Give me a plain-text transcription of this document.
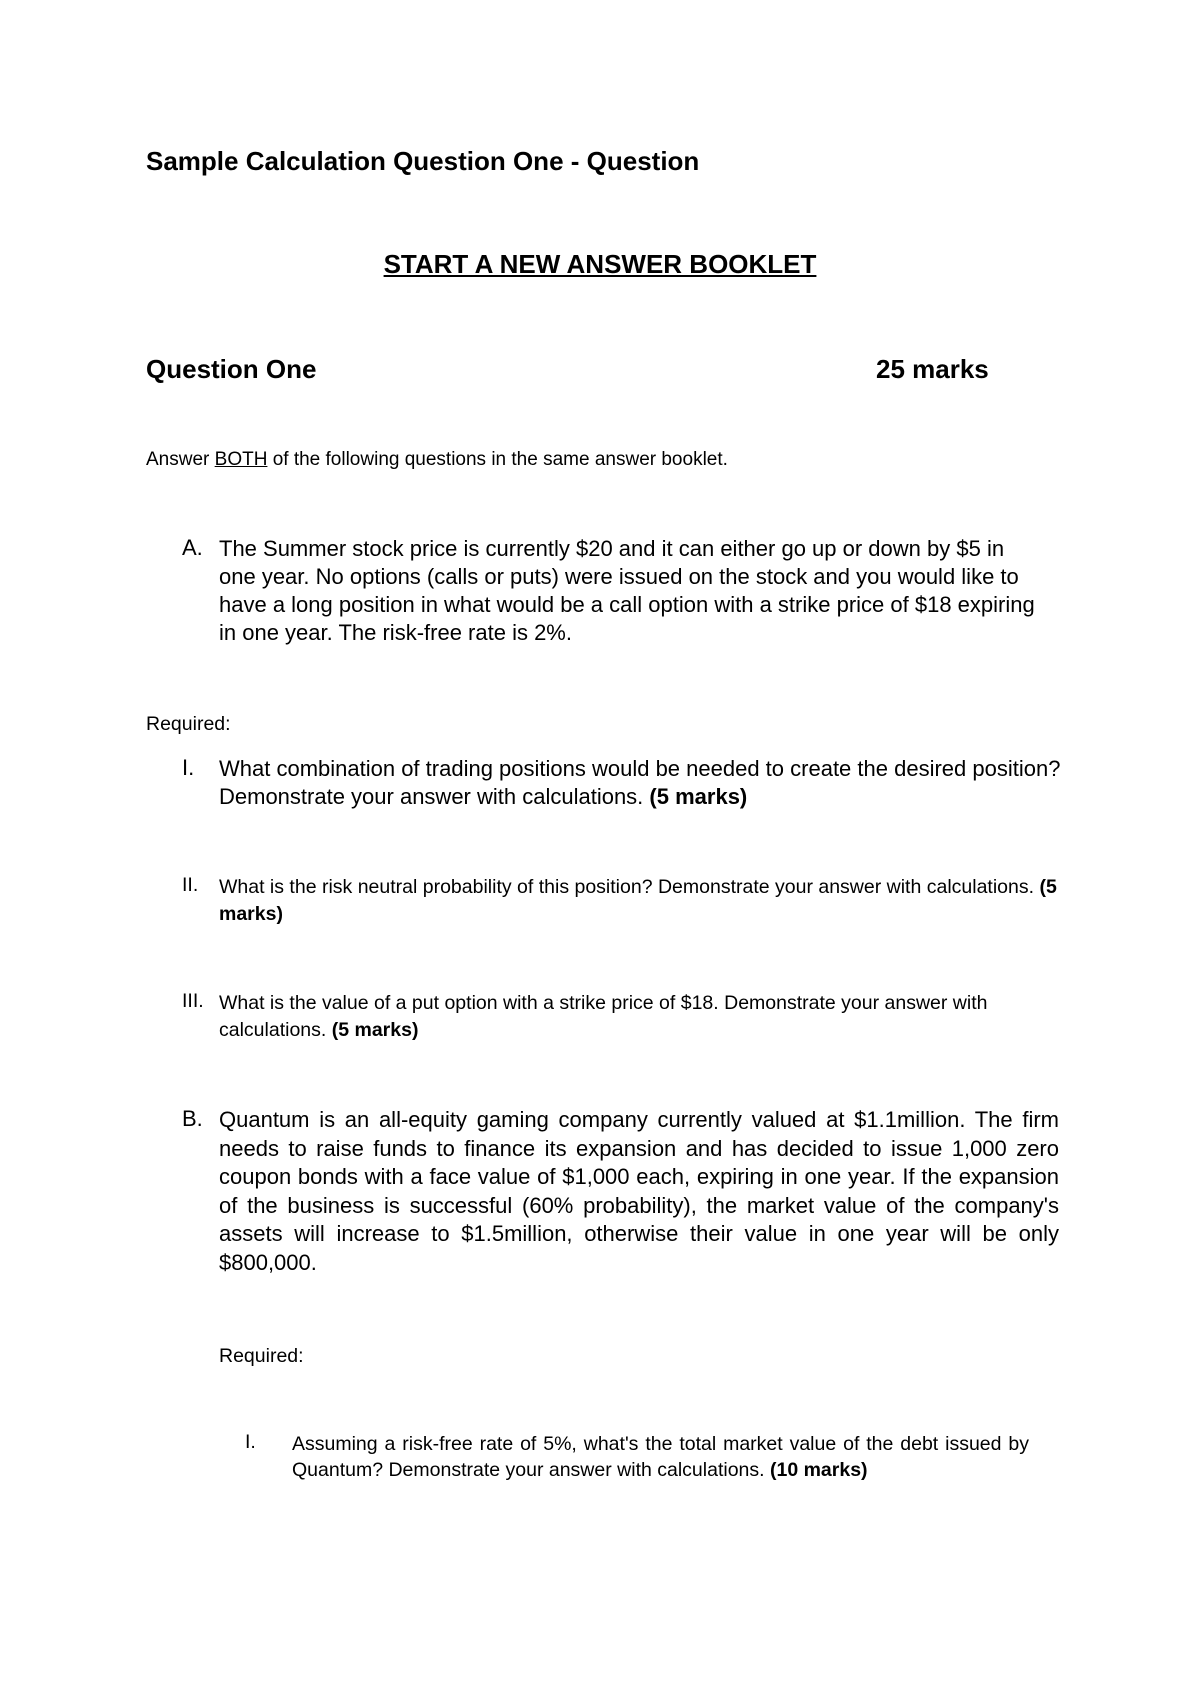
Sample Calculation Question One - Question
START A NEW ANSWER BOOKLET
Question One	25 marks
Answer BOTH of the following questions in the same answer booklet.
A. The Summer stock price is currently $20 and it can either go up or down by $5 in one year. No options (calls or puts) were issued on the stock and you would like to have a long position in what would be a call option with a strike price of $18 expiring in one year. The risk-free rate is 2%.

Required:
I. What combination of trading positions would be needed to create the desired position? Demonstrate your answer with calculations. (5 marks)

II. What is the risk neutral probability of this position? Demonstrate your answer with calculations. (5 marks)

III. What is the value of a put option with a strike price of $18. Demonstrate your answer with calculations. (5 marks)

B. Quantum is an all-equity gaming company currently valued at $1.1million. The firm needs to raise funds to finance its expansion and has decided to issue 1,000 zero coupon bonds with a face value of $1,000 each, expiring in one year. If the expansion of the business is successful (60% probability), the market value of the company's assets will increase to $1.5million, otherwise their value in one year will be only $800,000.

Required:
I. Assuming a risk-free rate of 5%, what's the total market value of the debt issued by Quantum? Demonstrate your answer with calculations. (10 marks)
